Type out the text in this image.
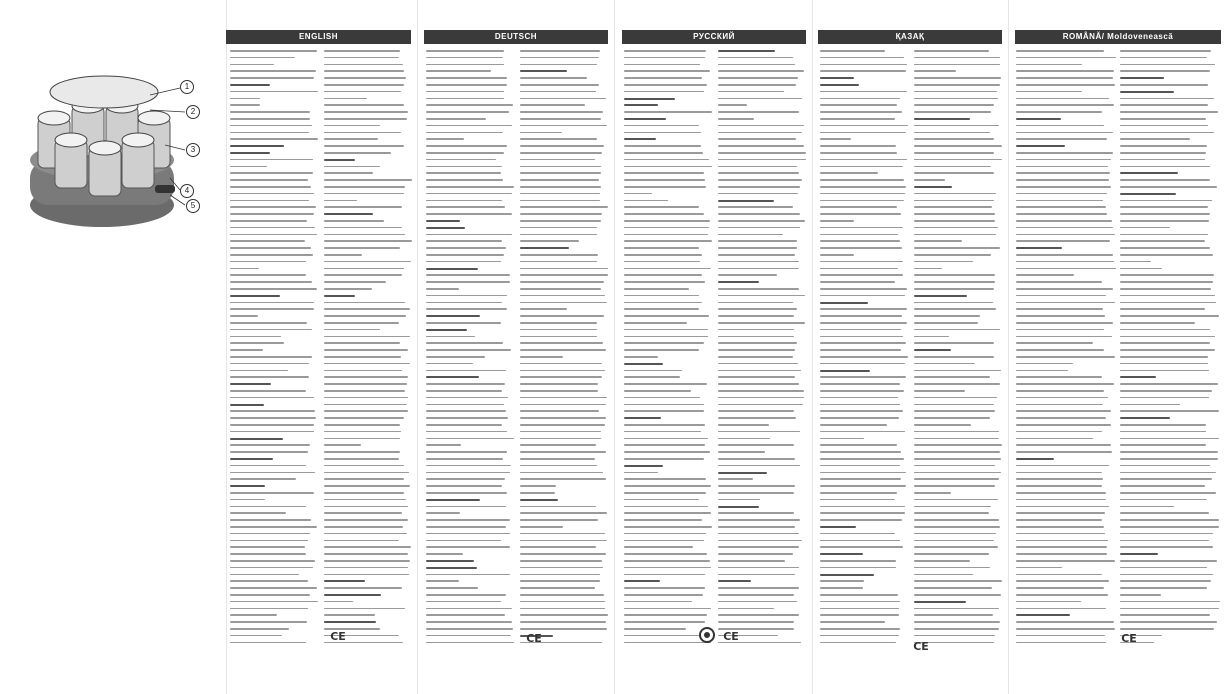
1
2
3
4
5
ENGLISH	DEUTSCH	РУССКИЙ	ҚАЗАҚ	ROMÂNĂ/ Moldovenească
CE	CE	CE
CE
CE
